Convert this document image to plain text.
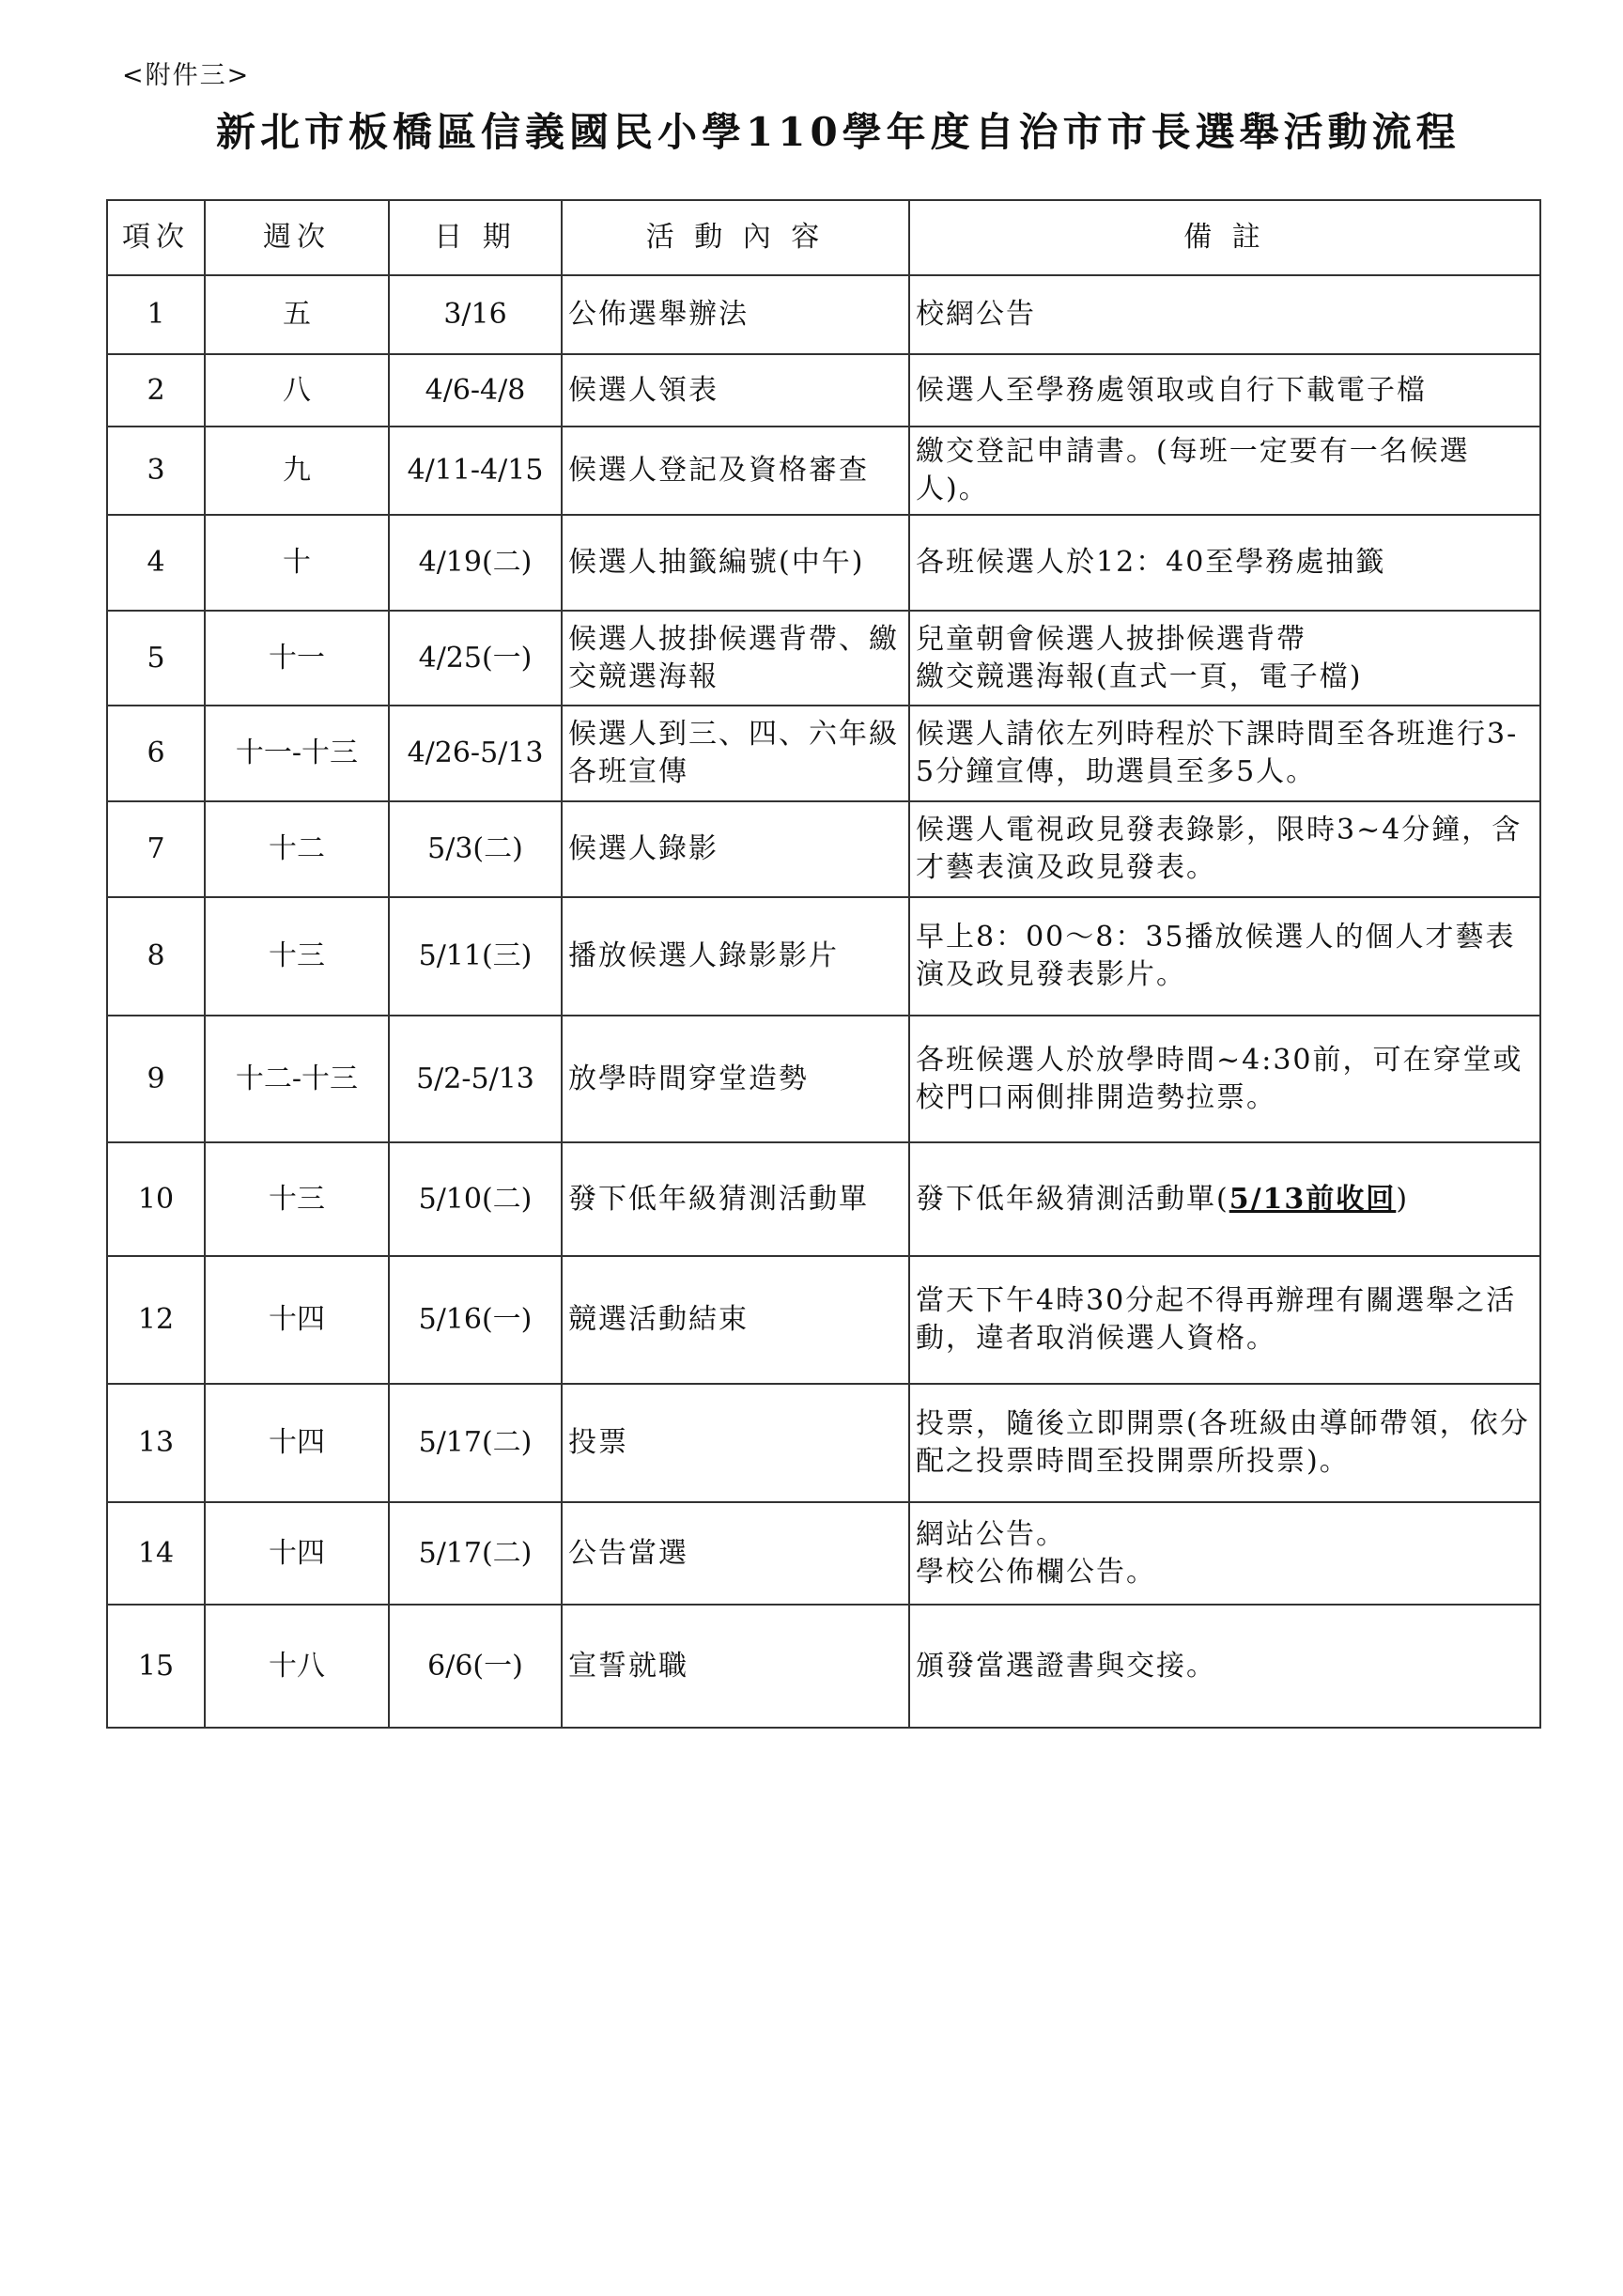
<附件三>
新北市板橋區信義國民小學110學年度自治市市長選舉活動流程
項次	週次	日 期	活 動 內 容	備 註
1	五	3/16	公佈選舉辦法	校網公告
2	八	4/6-4/8	候選人領表	候選人至學務處領取或自行下載電子檔
3	九	4/11-4/15	候選人登記及資格審查	繳交登記申請書。(每班一定要有一名候選人)。
4	十	4/19(二)	候選人抽籤編號(中午)	各班候選人於12：40至學務處抽籤
5	十一	4/25(一)	候選人披掛候選背帶、繳交競選海報	兒童朝會候選人披掛候選背帶
繳交競選海報(直式一頁，電子檔)
6	十一-十三	4/26-5/13	候選人到三、四、六年級各班宣傳	候選人請依左列時程於下課時間至各班進行3-5分鐘宣傳，助選員至多5人。
7	十二	5/3(二)	候選人錄影	候選人電視政見發表錄影，限時3~4分鐘，含才藝表演及政見發表。
8	十三	5/11(三)	播放候選人錄影影片	早上8：00～8：35播放候選人的個人才藝表演及政見發表影片。
9	十二-十三	5/2-5/13	放學時間穿堂造勢	各班候選人於放學時間~4:30前，可在穿堂或校門口兩側排開造勢拉票。
10	十三	5/10(二)	發下低年級猜測活動單	發下低年級猜測活動單(5/13前收回)
12	十四	5/16(一)	競選活動結束	當天下午4時30分起不得再辦理有關選舉之活動，違者取消候選人資格。
13	十四	5/17(二)	投票	投票，隨後立即開票(各班級由導師帶領，依分配之投票時間至投開票所投票)。
14	十四	5/17(二)	公告當選	網站公告。
學校公佈欄公告。
15	十八	6/6(一)	宣誓就職	頒發當選證書與交接。
